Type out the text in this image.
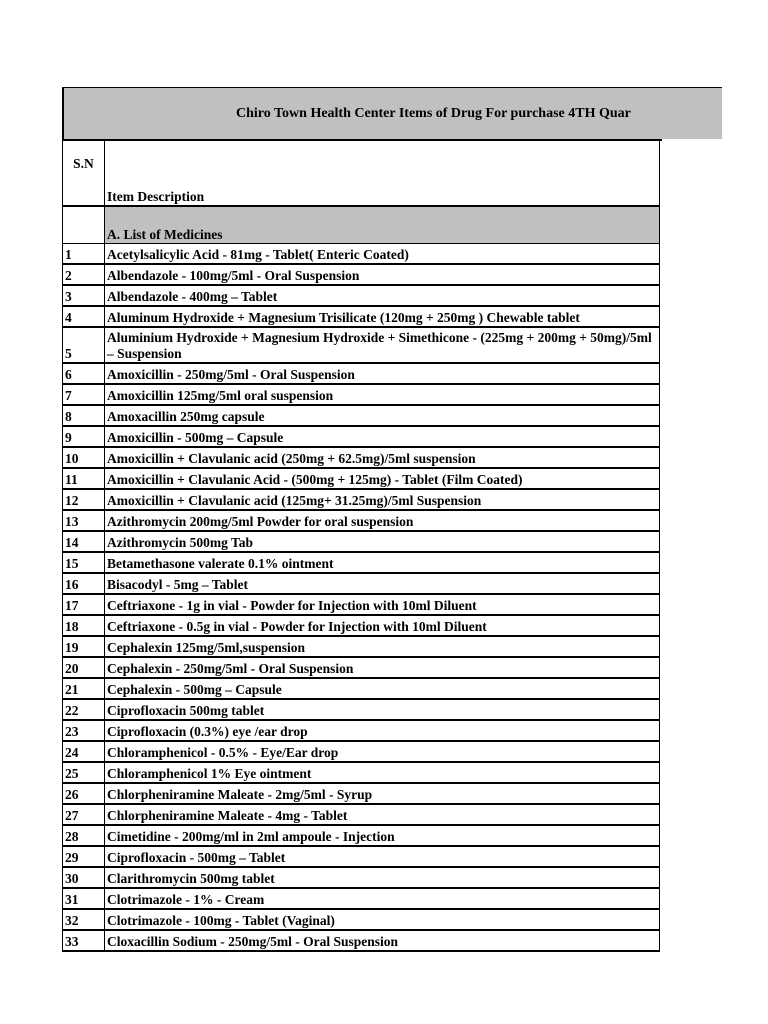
Chiro Town Health Center Items of Drug For purchase 4TH Quar
S.N	Item Description
	A. List of Medicines
1	Acetylsalicylic Acid - 81mg - Tablet( Enteric Coated)
2	Albendazole - 100mg/5ml - Oral Suspension
3	Albendazole - 400mg – Tablet
4	Aluminum Hydroxide + Magnesium Trisilicate (120mg + 250mg ) Chewable tablet
5	Aluminium Hydroxide + Magnesium Hydroxide + Simethicone - (225mg + 200mg + 50mg)/5ml – Suspension
6	Amoxicillin - 250mg/5ml - Oral Suspension
7	Amoxicillin 125mg/5ml oral suspension
8	Amoxacillin 250mg capsule
9	Amoxicillin - 500mg – Capsule
10	Amoxicillin + Clavulanic acid (250mg + 62.5mg)/5ml suspension
11	Amoxicillin + Clavulanic Acid - (500mg + 125mg) - Tablet (Film Coated)
12	Amoxicillin + Clavulanic acid (125mg+ 31.25mg)/5ml Suspension
13	Azithromycin 200mg/5ml Powder for oral suspension
14	Azithromycin 500mg Tab
15	Betamethasone valerate 0.1% ointment
16	Bisacodyl - 5mg – Tablet
17	Ceftriaxone - 1g in vial - Powder for Injection with 10ml Diluent
18	Ceftriaxone - 0.5g in vial - Powder for Injection with 10ml Diluent
19	Cephalexin 125mg/5ml,suspension
20	Cephalexin - 250mg/5ml - Oral Suspension
21	Cephalexin - 500mg – Capsule
22	Ciprofloxacin 500mg tablet
23	Ciprofloxacin (0.3%) eye /ear drop
24	Chloramphenicol - 0.5% - Eye/Ear drop
25	Chloramphenicol 1% Eye ointment
26	Chlorpheniramine Maleate - 2mg/5ml - Syrup
27	Chlorpheniramine Maleate - 4mg - Tablet
28	Cimetidine - 200mg/ml in 2ml ampoule - Injection
29	Ciprofloxacin - 500mg – Tablet
30	Clarithromycin 500mg tablet
31	Clotrimazole - 1% - Cream
32	Clotrimazole - 100mg - Tablet (Vaginal)
33	Cloxacillin Sodium - 250mg/5ml - Oral Suspension
